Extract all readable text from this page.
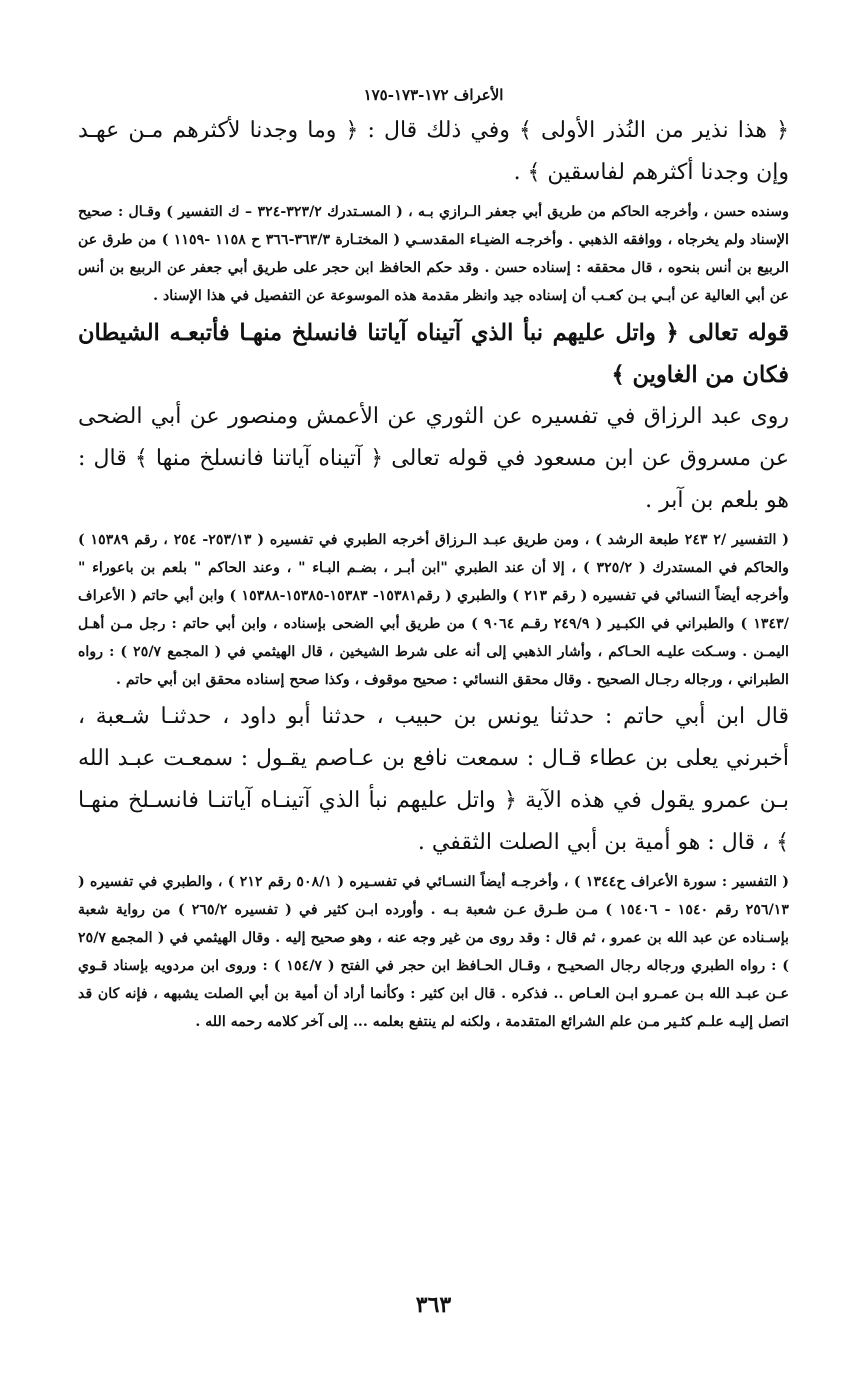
الأعراف ١٧٢-١٧٣-١٧٥

﴿ هذا نذير من النُذر الأولى ﴾ وفي ذلك قال : ﴿ وما وجدنا لأكثرهم مـن عهـد وإن وجدنا أكثرهم لفاسقين ﴾ .

وسنده حسن ، وأخرجه الحاكم من طريق أبي جعفر الـرازي بـه ، ( المسـتدرك ٣٢٣/٢-٣٢٤ – ك التفسير ) وقـال : صحيح الإسناد ولم يخرجاه ، ووافقه الذهبي . وأخرجـه الضيـاء المقدسـي ( المختـارة ٣٦٣/٣-٣٦٦ ح ١١٥٨ -١١٥٩ ) من طرق عن الربيع بن أنس بنحوه ، قال محققه : إسناده حسن . وقد حكم الحافظ ابن حجر على طريق أبي جعفر عن الربيع بن أنس عن أبي العالية عن أبـي بـن كعـب أن إسناده جيد وانظر مقدمة هذه الموسوعة عن التفصيل في هذا الإسناد .

قوله تعالى ﴿ واتل عليهم نبأ الذي آتيناه آياتنا فانسلخ منهـا فأتبعـه الشيطان فكان من الغاوين ﴾

روى عبد الرزاق في تفسيره عن الثوري عن الأعمش ومنصور عن أبي الضحى عن مسروق عن ابن مسعود في قوله تعالى ﴿ آتيناه آياتنا فانسلخ منها ﴾ قال : هو بلعم بن آبر .

( التفسير /٢ ٢٤٣ طبعة الرشد ) ، ومن طريق عبـد الـرزاق أخرجه الطبري في تفسيره ( ٢٥٣/١٣- ٢٥٤ ، رقم ١٥٣٨٩ ) والحاكم في المستدرك ( ٣٢٥/٢ ) ، إلا أن عند الطبري "ابن أبـر ، بضـم البـاء " ، وعند الحاكم " بلعم بن باعوراء " وأخرجه أيضاً النسائي في تفسيره ( رقم ٢١٣ ) والطبري ( رقم١٥٣٨١- ١٥٣٨٣-١٥٣٨٥-١٥٣٨٨ ) وابن أبي حاتم ( الأعراف /١٣٤٣ ) والطبراني في الكبـير ( ٢٤٩/٩ رقـم ٩٠٦٤ ) من طريق أبي الضحى بإسناده ، وابن أبي حاتم : رجل مـن أهـل اليمـن . وسـكت عليـه الحـاكم ، وأشار الذهبي إلى أنه على شرط الشيخين ، قال الهيثمي في ( المجمع ٢٥/٧ ) : رواه الطبراني ، ورجاله رجـال الصحيح . وقال محقق النسائي : صحيح موقوف ، وكذا صحح إسناده محقق ابن أبي حاتم .

قال ابن أبي حاتم : حدثنا يونس بن حبيب ، حدثنا أبو داود ، حدثنـا شـعبة ، أخبرني يعلى بن عطاء قـال : سمعت نافع بن عـاصم يقـول : سمعـت عبـد الله بـن عمرو يقول في هذه الآية ﴿ واتل عليهم نبأ الذي آتينـاه آياتنـا فانسـلخ منهـا ﴾ ، قال : هو أمية بن أبي الصلت الثقفي .

( التفسير : سورة الأعراف ح١٣٤٤ ) ، وأخرجـه أيضاً النسـائي في تفسـيره ( ٥٠٨/١ رقم ٢١٢ ) ، والطبري في تفسيره ( ٢٥٦/١٣ رقم ١٥٤٠ - ١٥٤٠٦ ) مـن طـرق عـن شعبة بـه . وأورده ابـن كثير في ( تفسيره ٢٦٥/٢ ) من رواية شعبة بإسـناده عن عبد الله بن عمرو ، ثم قال : وقد روى من غير وجه عنه ، وهو صحيح إليه . وقال الهيثمي في ( المجمع ٢٥/٧ ) : رواه الطبري ورجاله رجال الصحيـح ، وقـال الحـافظ ابن حجر في الفتح ( ١٥٤/٧ ) : وروى ابن مردويه بإسناد قـوي عـن عبـد الله بـن عمـرو ابـن العـاص .. فذكره . قال ابن كثير : وكأنما أراد أن أمية بن أبي الصلت يشبهه ، فإنه كان قد اتصل إليـه علـم كثـير مـن علم الشرائع المتقدمة ، ولكنه لم ينتفع بعلمه ... إلى آخر كلامه رحمه الله .

٣٦٣
